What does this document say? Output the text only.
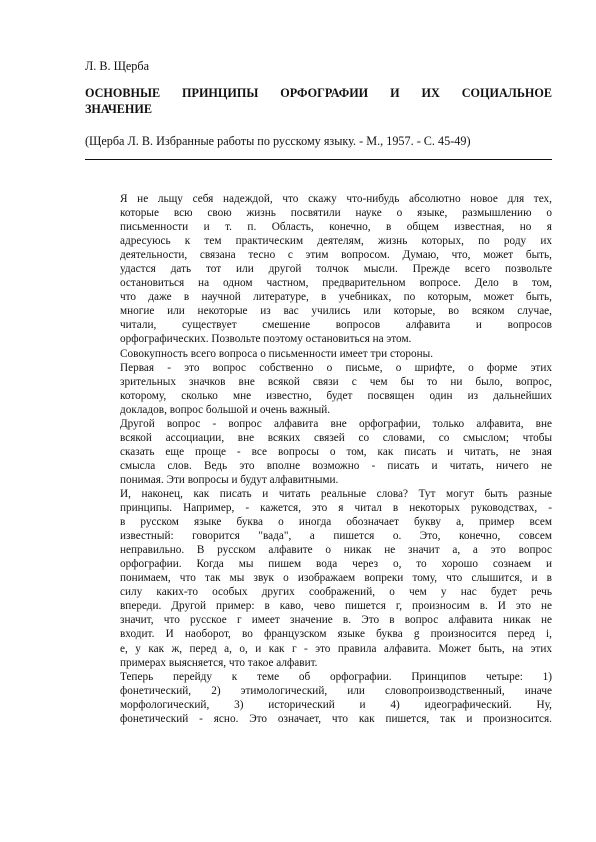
Л. В. Щерба

ОСНОВНЫЕ ПРИНЦИПЫ ОРФОГРАФИИ И ИХ СОЦИАЛЬНОЕ
ЗНАЧЕНИЕ

(Щерба Л. В. Избранные работы по русскому языку. - М., 1957. - С. 45-49)

Я не льщу себя надеждой, что скажу что-нибудь абсолютно новое для тех,
которые всю свою жизнь посвятили науке о языке, размышлению о
письменности и т. п. Область, конечно, в общем известная, но я
адресуюсь к тем практическим деятелям, жизнь которых, по роду их
деятельности, связана тесно с этим вопросом. Думаю, что, может быть,
удастся дать тот или другой толчок мысли. Прежде всего позвольте
остановиться на одном частном, предварительном вопросе. Дело в том,
что даже в научной литературе, в учебниках, по которым, может быть,
многие или некоторые из вас учились или которые, во всяком случае,
читали, существует смешение вопросов алфавита и вопросов
орфографических. Позвольте поэтому остановиться на этом.
Совокупность всего вопроса о письменности имеет три стороны.
Первая - это вопрос собственно о письме, о шрифте, о форме этих
зрительных значков вне всякой связи с чем бы то ни было, вопрос,
которому, сколько мне известно, будет посвящен один из дальнейших
докладов, вопрос большой и очень важный.
Другой вопрос - вопрос алфавита вне орфографии, только алфавита, вне
всякой ассоциации, вне всяких связей со словами, со смыслом; чтобы
сказать еще проще - все вопросы о том, как писать и читать, не зная
смысла слов. Ведь это вполне возможно - писать и читать, ничего не
понимая. Эти вопросы и будут алфавитными.
И, наконец, как писать и читать реальные слова? Тут могут быть разные
принципы. Например, - кажется, это я читал в некоторых руководствах, -
в русском языке буква о иногда обозначает букву а, пример всем
известный: говорится "вада", а пишется о. Это, конечно, совсем
неправильно. В русском алфавите о никак не значит а, а это вопрос
орфографии. Когда мы пишем вода через о, то хорошо сознаем и
понимаем, что так мы звук о изображаем вопреки тому, что слышится, и в
силу каких-то особых других соображений, о чем у нас будет речь
впереди. Другой пример: в каво, чево пишется г, произносим в. И это не
значит, что русское г имеет значение в. Это в вопрос алфавита никак не
входит. И наоборот, во французском языке буква g произносится перед i,
е, у как ж, перед а, о, и как г - это правила алфавита. Может быть, на этих
примерах выясняется, что такое алфавит.
Теперь перейду к теме об орфографии. Принципов четыре: 1)
фонетический, 2) этимологический, или словопроизводственный, иначе
морфологический, 3) исторический и 4) идеографический. Ну,
фонетический - ясно. Это означает, что как пишется, так и произносится.
